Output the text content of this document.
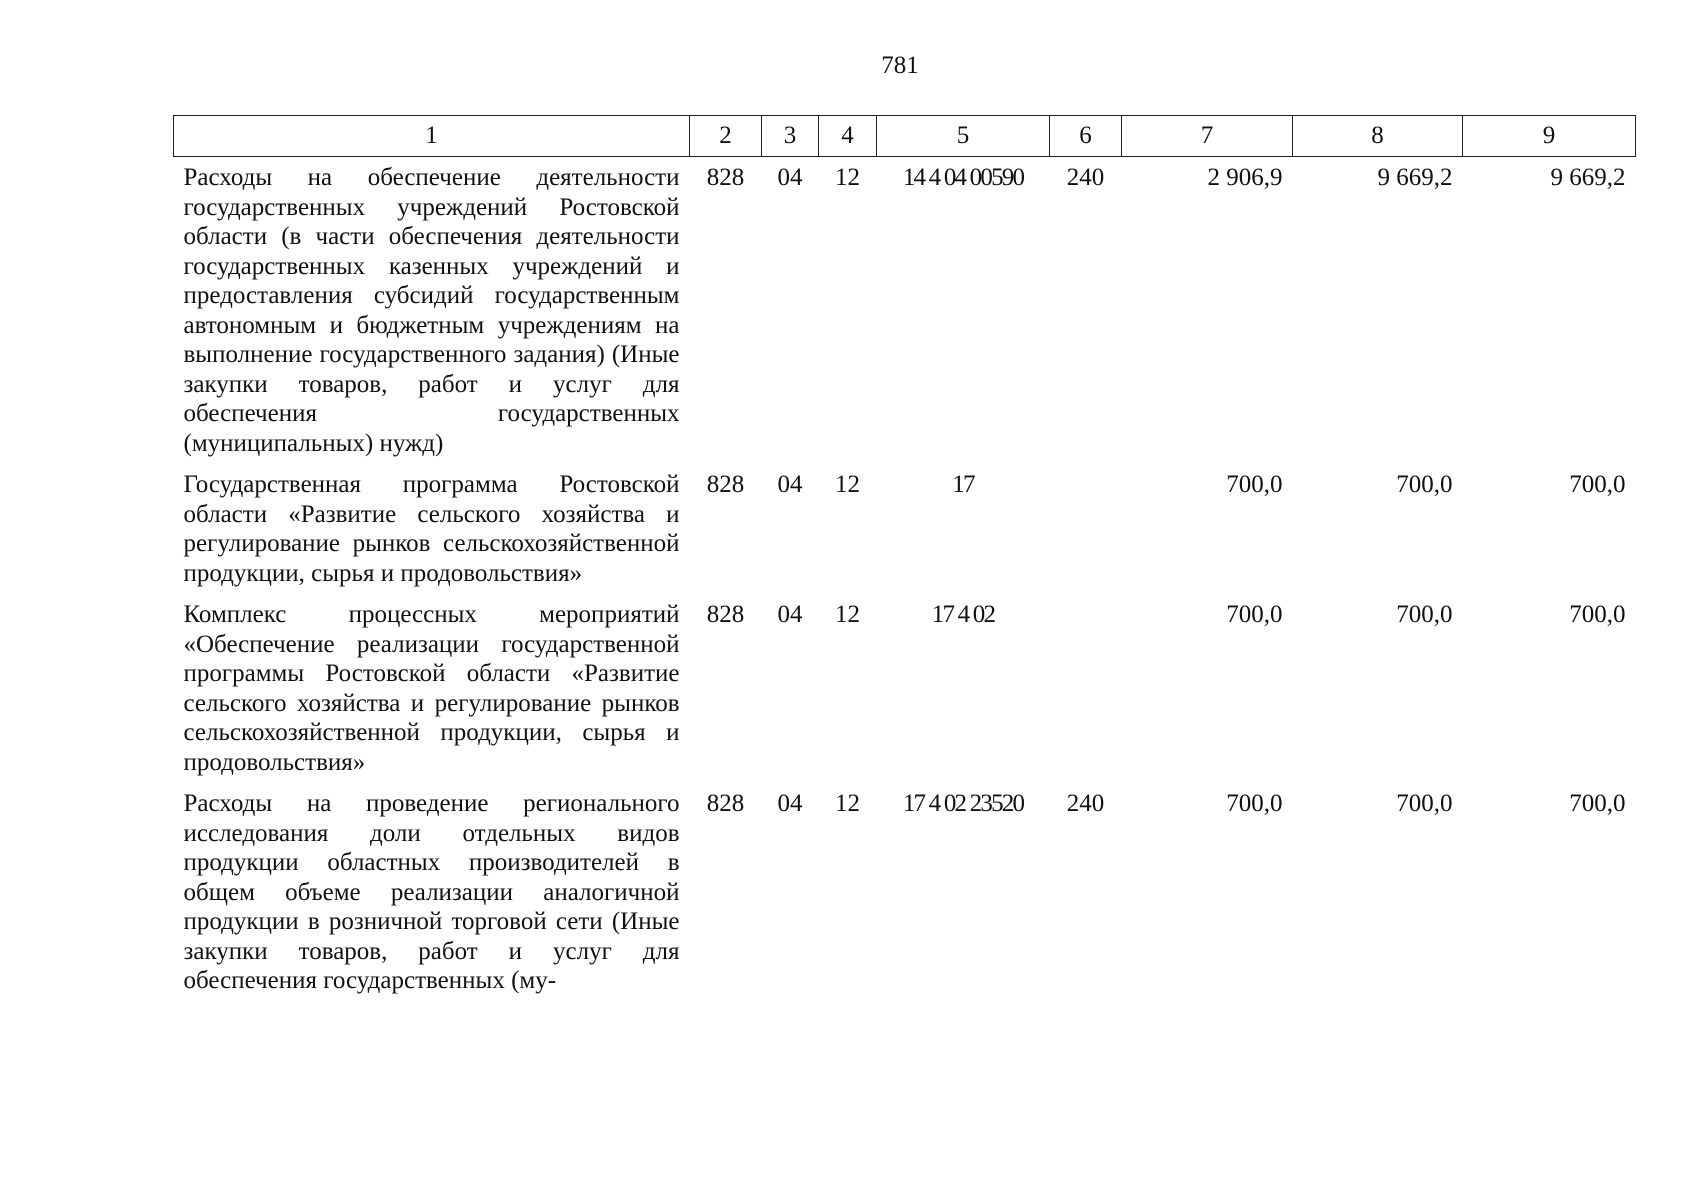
781
1	2	3	4	5	6	7	8	9
Расходы на обеспечение деятельности государственных учреждений Ростовской области (в части обеспечения деятельности государственных казенных учреждений и предоставления субсидий государственным автономным и бюджетным учреждениям на выполнение государственного задания) (Иные закупки товаров, работ и услуг для обеспечения государственных (муниципальных) нужд)	828	04	12	14 4 04 00590	240	2 906,9	9 669,2	9 669,2
Государственная программа Ростовской области «Развитие сельского хозяйства и регулирование рынков сельскохозяйственной продукции, сырья и продовольствия»	828	04	12	17		700,0	700,0	700,0
Комплекс процессных мероприятий «Обеспечение реализации государственной программы Ростовской области «Развитие сельского хозяйства и регулирование рынков сельскохозяйственной продукции, сырья и продовольствия»	828	04	12	17 4 02		700,0	700,0	700,0
Расходы на проведение регионального исследования доли отдельных видов продукции областных производителей в общем объеме реализации аналогичной продукции в розничной торговой сети (Иные закупки товаров, работ и услуг для обеспечения государственных (му-	828	04	12	17 4 02 23520	240	700,0	700,0	700,0
